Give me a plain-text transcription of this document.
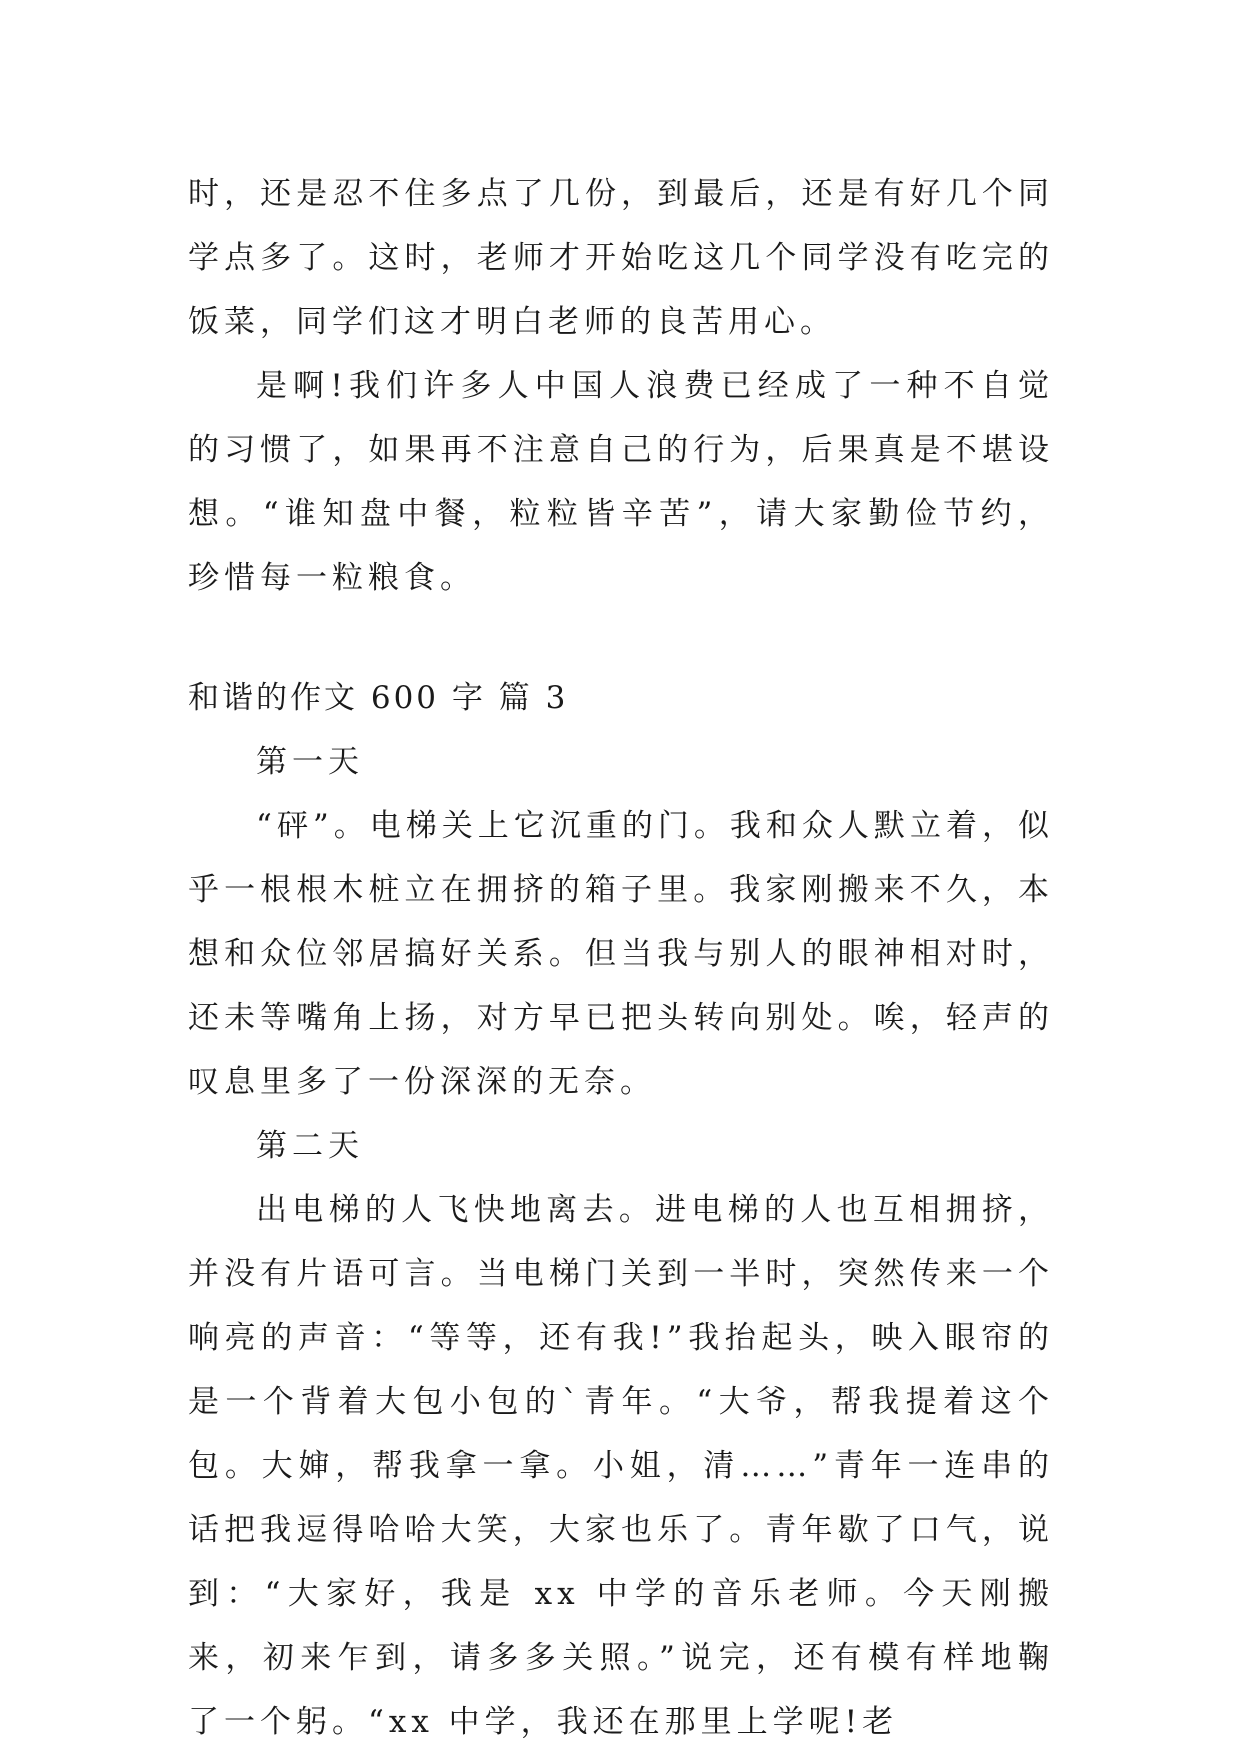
时，还是忍不住多点了几份，到最后，还是有好几个同学点多了。这时，老师才开始吃这几个同学没有吃完的饭菜，同学们这才明白老师的良苦用心。

是啊!我们许多人中国人浪费已经成了一种不自觉的习惯了，如果再不注意自己的行为，后果真是不堪设想。“谁知盘中餐，粒粒皆辛苦”，请大家勤俭节约，珍惜每一粒粮食。

和谐的作文 600 字 篇 3

第一天

“砰”。电梯关上它沉重的门。我和众人默立着，似乎一根根木桩立在拥挤的箱子里。我家刚搬来不久，本想和众位邻居搞好关系。但当我与别人的眼神相对时，还未等嘴角上扬，对方早已把头转向别处。唉，轻声的叹息里多了一份深深的无奈。

第二天

出电梯的人飞快地离去。进电梯的人也互相拥挤，并没有片语可言。当电梯门关到一半时，突然传来一个响亮的声音：“等等，还有我!”我抬起头，映入眼帘的是一个背着大包小包的`青年。“大爷，帮我提着这个包。大婶，帮我拿一拿。小姐，清……”青年一连串的话把我逗得哈哈大笑，大家也乐了。青年歇了口气，说到：“大家好，我是 xx 中学的音乐老师。今天刚搬来，初来乍到，请多多关照。”说完，还有模有样地鞠了一个躬。“xx 中学，我还在那里上学呢!老
